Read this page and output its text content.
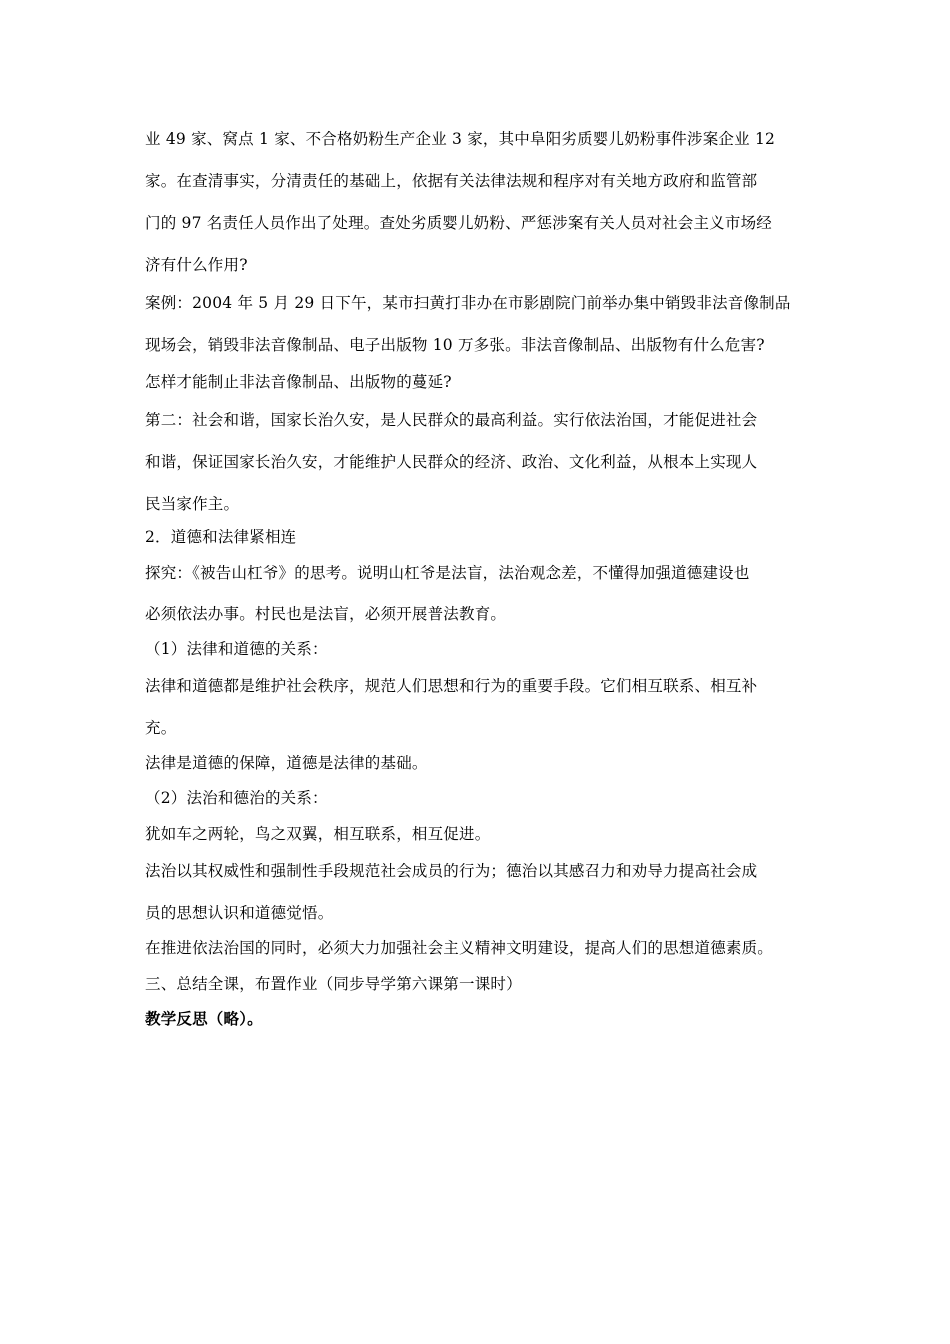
业 49 家、窝点 1 家、不合格奶粉生产企业 3 家，其中阜阳劣质婴儿奶粉事件涉案企业 12
家。在查清事实，分清责任的基础上，依据有关法律法规和程序对有关地方政府和监管部
门的 97 名责任人员作出了处理。查处劣质婴儿奶粉、严惩涉案有关人员对社会主义市场经
济有什么作用?
案例：2004 年 5 月 29 日下午，某市扫黄打非办在市影剧院门前举办集中销毁非法音像制品
现场会，销毁非法音像制品、电子出版物 10 万多张。非法音像制品、出版物有什么危害?
怎样才能制止非法音像制品、出版物的蔓延?
第二：社会和谐，国家长治久安，是人民群众的最高利益。实行依法治国，才能促进社会
和谐，保证国家长治久安，才能维护人民群众的经济、政治、文化利益，从根本上实现人
民当家作主。
2．道德和法律紧相连
探究：《被告山杠爷》的思考。说明山杠爷是法盲，法治观念差，不懂得加强道德建设也
必须依法办事。村民也是法盲，必须开展普法教育。
（1）法律和道德的关系：
法律和道德都是维护社会秩序，规范人们思想和行为的重要手段。它们相互联系、相互补
充。
法律是道德的保障，道德是法律的基础。
（2）法治和德治的关系：
犹如车之两轮，鸟之双翼，相互联系，相互促进。
法治以其权威性和强制性手段规范社会成员的行为；德治以其感召力和劝导力提高社会成
员的思想认识和道德觉悟。
在推进依法治国的同时，必须大力加强社会主义精神文明建设，提高人们的思想道德素质。
三、总结全课，布置作业（同步导学第六课第一课时）
教学反思（略）。
